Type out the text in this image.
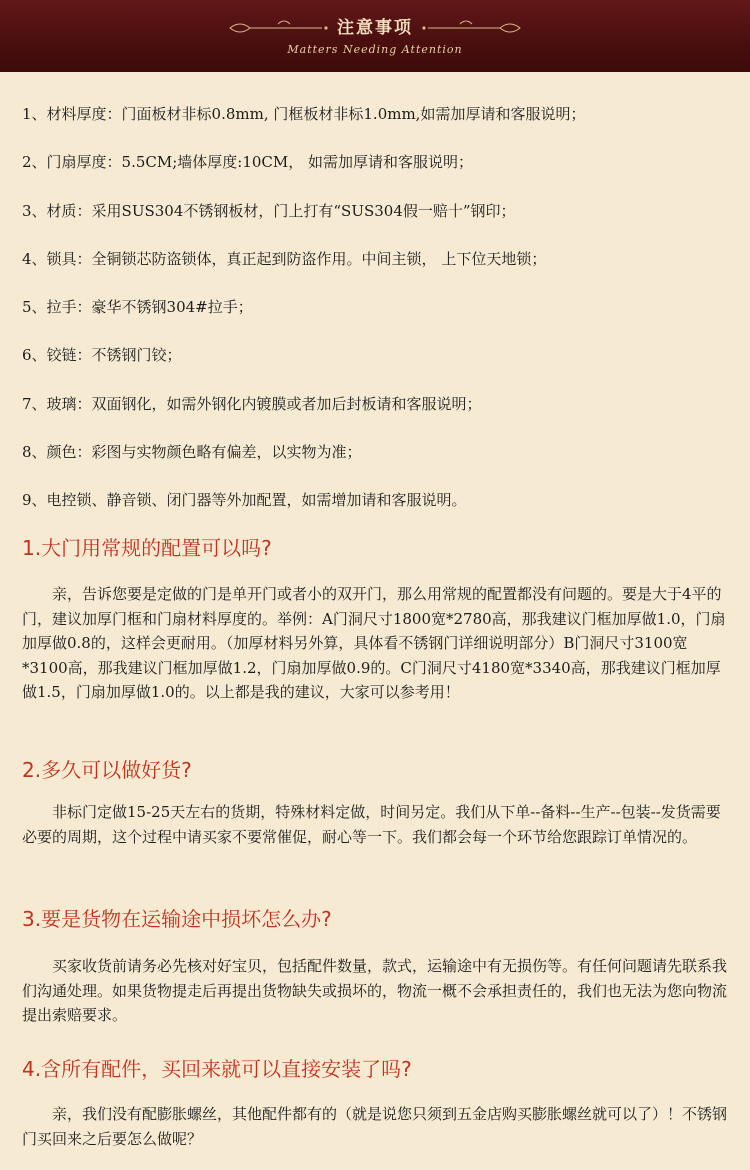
注意事项
Matters Needing Attention
1、材料厚度：门面板材非标0.8mm, 门框板材非标1.0mm,如需加厚请和客服说明；
2、门扇厚度：5.5CM;墙体厚度:10CM， 如需加厚请和客服说明；
3、材质：采用SUS304不锈钢板材，门上打有“SUS304假一赔十”钢印；
4、锁具：全铜锁芯防盗锁体，真正起到防盗作用。中间主锁， 上下位天地锁；
5、拉手：豪华不锈钢304#拉手；
6、铰链：不锈钢门铰；
7、玻璃：双面钢化，如需外钢化内镀膜或者加后封板请和客服说明；
8、颜色：彩图与实物颜色略有偏差，以实物为准；
9、电控锁、静音锁、闭门器等外加配置，如需增加请和客服说明。
1.大门用常规的配置可以吗?
亲，告诉您要是定做的门是单开门或者小的双开门，那么用常规的配置都没有问题的。要是大于4平的门，建议加厚门框和门扇材料厚度的。举例：A门洞尺寸1800宽*2780高，那我建议门框加厚做1.0，门扇加厚做0.8的，这样会更耐用。（加厚材料另外算，具体看不锈钢门详细说明部分）B门洞尺寸3100宽*3100高，那我建议门框加厚做1.2，门扇加厚做0.9的。C门洞尺寸4180宽*3340高，那我建议门框加厚做1.5，门扇加厚做1.0的。以上都是我的建议，大家可以参考用！
2.多久可以做好货?
非标门定做15-25天左右的货期，特殊材料定做，时间另定。我们从下单--备料--生产--包装--发货需要必要的周期，这个过程中请买家不要常催促，耐心等一下。我们都会每一个环节给您跟踪订单情况的。
3.要是货物在运输途中损坏怎么办?
买家收货前请务必先核对好宝贝，包括配件数量，款式，运输途中有无损伤等。有任何问题请先联系我们沟通处理。如果货物提走后再提出货物缺失或损坏的，物流一概不会承担责任的，我们也无法为您向物流提出索赔要求。
4.含所有配件，买回来就可以直接安装了吗?
亲，我们没有配膨胀螺丝，其他配件都有的（就是说您只须到五金店购买膨胀螺丝就可以了）！不锈钢门买回来之后要怎么做呢？
